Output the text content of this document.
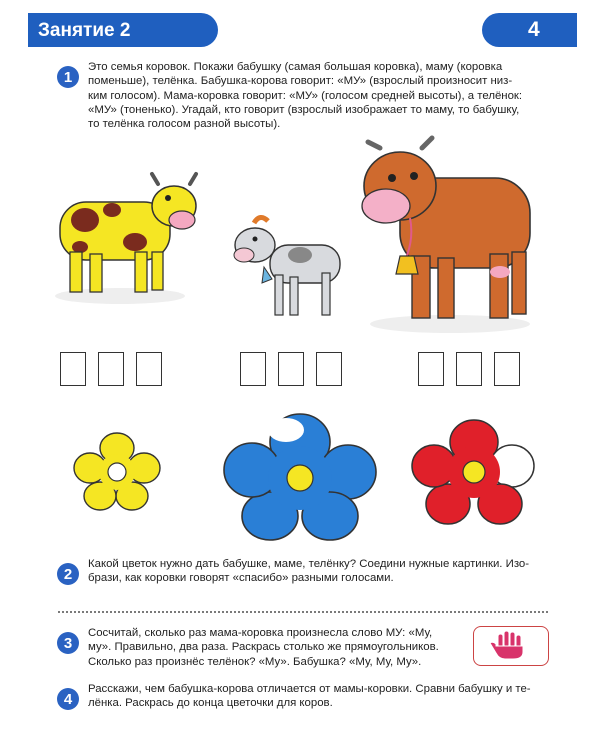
Занятие 2	4
1
Это семья коровок. Покажи бабушку (самая большая коровка), маму (коровка
поменьше), телёнка. Бабушка-корова говорит: «МУ» (взрослый произносит низ-
ким голосом). Мама-коровка говорит: «МУ» (голосом средней высоты), а телёнок:
«МУ» (тоненько). Угадай, кто говорит (взрослый изображает то маму, то бабушку,
то телёнка голосом разной высоты).
2
Какой цветок нужно дать бабушке, маме, телёнку? Соедини нужные картинки. Изо-
брази, как коровки говорят «спасибо» разными голосами.
3
Сосчитай, сколько раз мама-коровка произнесла слово МУ: «Му,
му». Правильно, два раза. Раскрась столько же прямоугольников.
Сколько раз произнёс телёнок? «Му». Бабушка? «Му, Му, Му».
4
Расскажи, чем бабушка-корова отличается от мамы-коровки. Сравни бабушку и те-
лёнка. Раскрась до конца цветочки для коров.
